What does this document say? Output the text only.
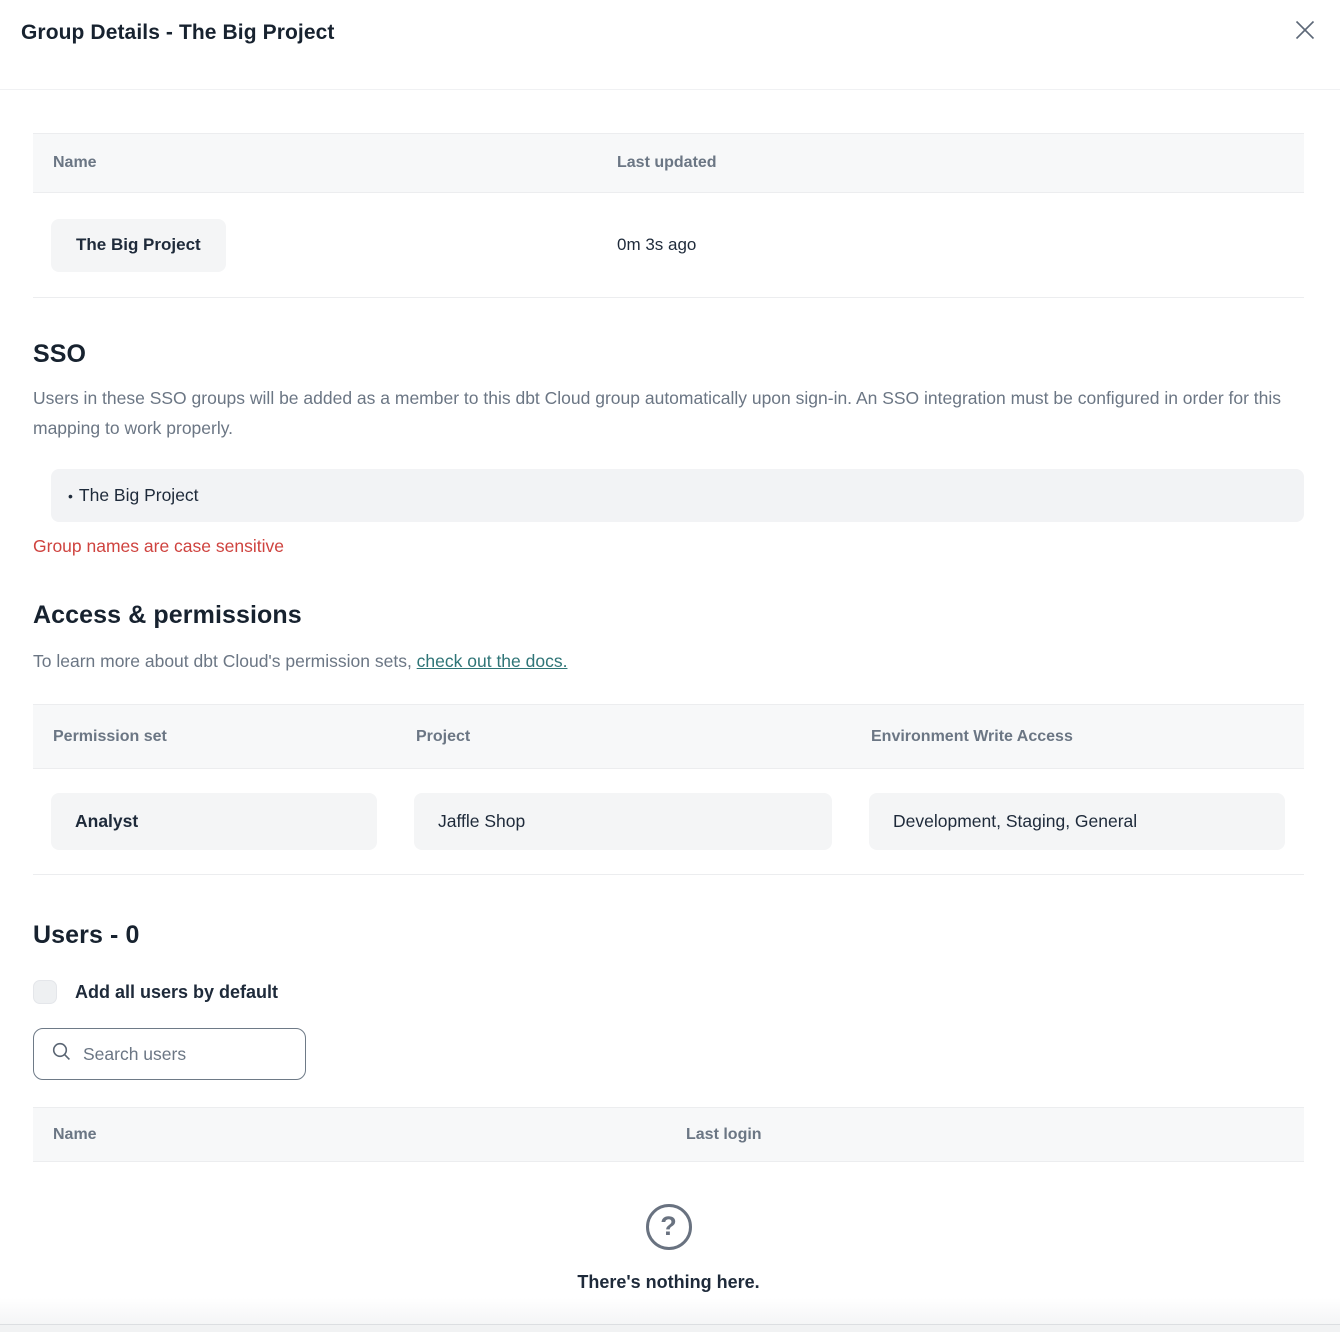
Group Details - The Big Project
Name	Last updated
The Big Project	0m 3s ago
SSO

Users in these SSO groups will be added as a member to this dbt Cloud group automatically upon sign-in. An SSO integration must be configured in order for this mapping to work properly.

• The Big Project
Group names are case sensitive
Access & permissions

To learn more about dbt Cloud's permission sets, check out the docs.

Permission set	Project	Environment Write Access
Analyst	Jaffle Shop	Development, Staging, General
Users - 0
Add all users by default
Search users
Name	Last login
?
There's nothing here.
